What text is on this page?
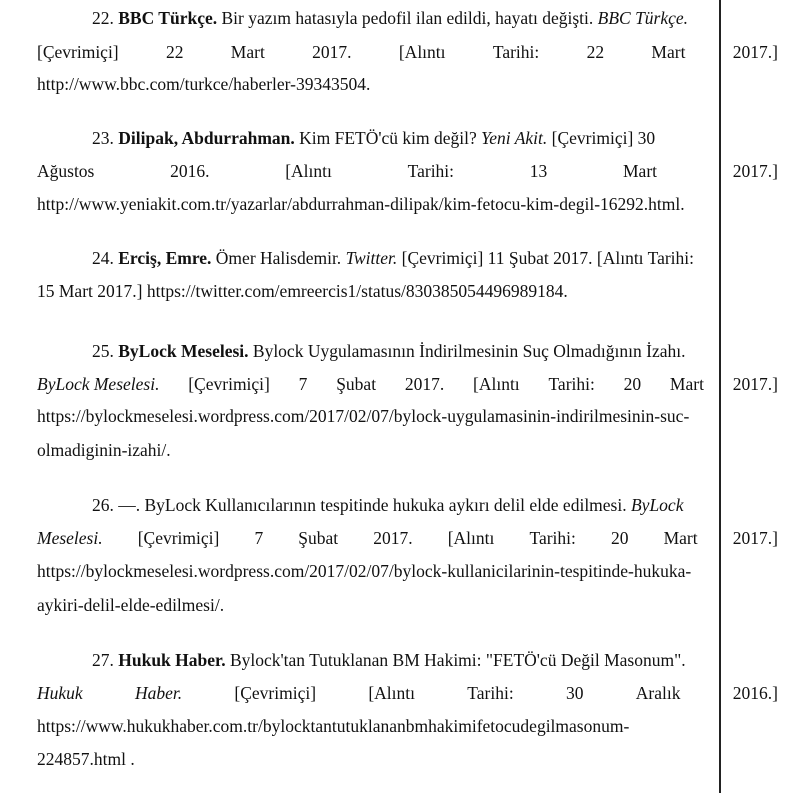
22. BBC Türkçe. Bir yazım hatasıyla pedofil ilan edildi, hayatı değişti. BBC Türkçe.
[Çevrimiçi]	22	Mart	2017.	[Alıntı	Tarihi:	22	Mart	2017.]
http://www.bbc.com/turkce/haberler-39343504.
23. Dilipak, Abdurrahman. Kim FETÖ'cü kim değil? Yeni Akit. [Çevrimiçi] 30
Ağustos	2016.	[Alıntı	Tarihi:	13	Mart	2017.]
http://www.yeniakit.com.tr/yazarlar/abdurrahman-dilipak/kim-fetocu-kim-degil-16292.html.
24. Erciş, Emre. Ömer Halisdemir. Twitter. [Çevrimiçi] 11 Şubat 2017. [Alıntı Tarihi:
15 Mart 2017.] https://twitter.com/emreercis1/status/830385054496989184.
25. ByLock Meselesi. Bylock Uygulamasının İndirilmesinin Suç Olmadığının İzahı.
ByLock Meselesi. [Çevrimiçi] 7 Şubat 2017. [Alıntı Tarihi: 20 Mart 2017.]
https://bylockmeselesi.wordpress.com/2017/02/07/bylock-uygulamasinin-indirilmesinin-suc-
olmadiginin-izahi/.
26. —. ByLock Kullanıcılarının tespitinde hukuka aykırı delil elde edilmesi. ByLock
Meselesi. [Çevrimiçi] 7 Şubat 2017. [Alıntı Tarihi: 20 Mart 2017.]
https://bylockmeselesi.wordpress.com/2017/02/07/bylock-kullanicilarinin-tespitinde-hukuka-
aykiri-delil-elde-edilmesi/.
27. Hukuk Haber. Bylock'tan Tutuklanan BM Hakimi: "FETÖ'cü Değil Masonum".
Hukuk	Haber.	[Çevrimiçi]	[Alıntı	Tarihi:	30	Aralık	2016.]
https://www.hukukhaber.com.tr/bylocktantutuklananbmhakimifetocudegilmasonum-
224857.html .
